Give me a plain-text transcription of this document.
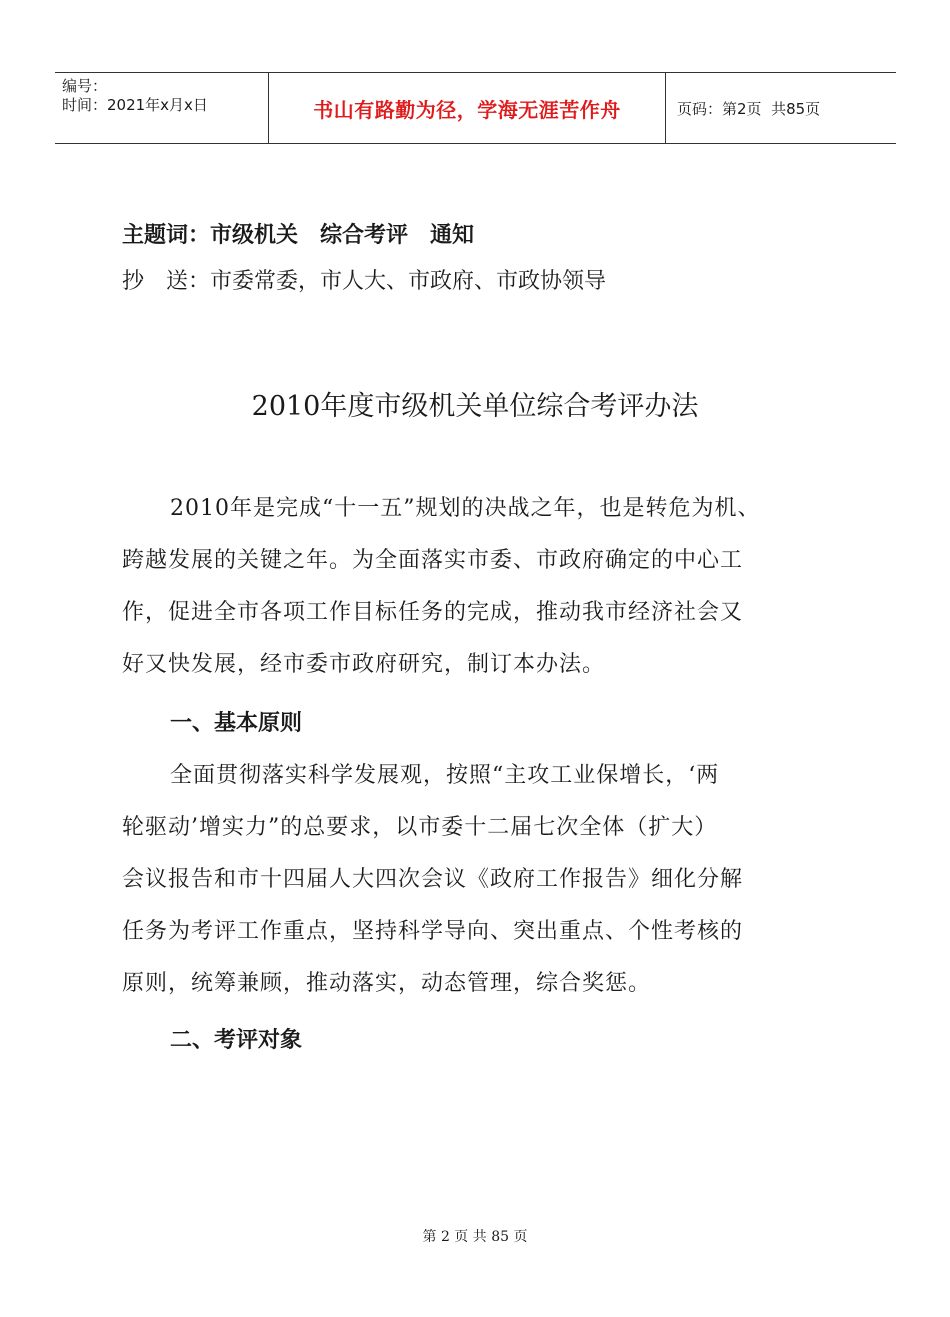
编号：
时间：2021年x月x日	书山有路勤为径，学海无涯苦作舟	页码：第2页  共85页
主题词：市级机关　综合考评　通知
抄　送：市委常委，市人大、市政府、市政协领导
2010年度市级机关单位综合考评办法
2010年是完成“十一五”规划的决战之年，也是转危为机、
跨越发展的关键之年。为全面落实市委、市政府确定的中心工
作，促进全市各项工作目标任务的完成，推动我市经济社会又
好又快发展，经市委市政府研究，制订本办法。
一、基本原则
全面贯彻落实科学发展观，按照“主攻工业保增长，‘两
轮驱动’增实力”的总要求，以市委十二届七次全体（扩大）
会议报告和市十四届人大四次会议《政府工作报告》细化分解
任务为考评工作重点，坚持科学导向、突出重点、个性考核的
原则，统筹兼顾，推动落实，动态管理，综合奖惩。
二、考评对象
第 2 页 共 85 页
